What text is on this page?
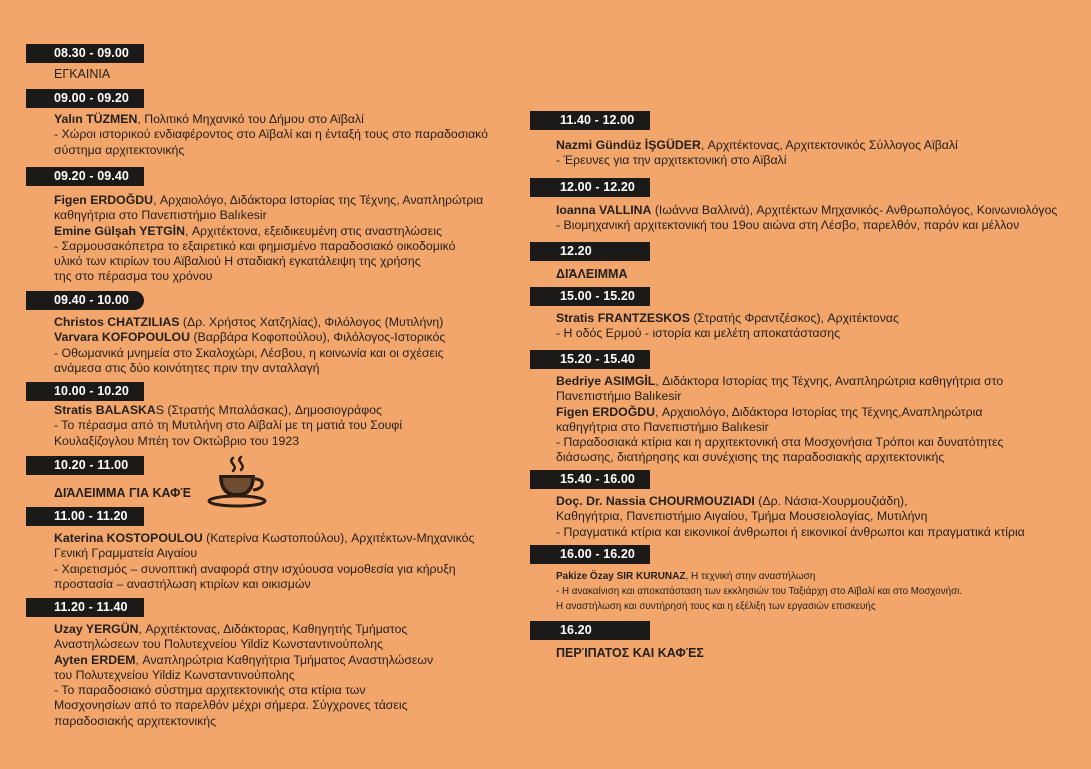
08.30 - 09.00
ΕΓΚΑΙΝΙΑ
09.00 - 09.20
Yalın TÜZMEN, Πολιτικό Μηχανικό του Δήμου στο Αϊβαλί
- Χώροι ιστορικού ενδιαφέροντος στο Αϊβαλί και η ένταξή τους στο παραδοσιακό
σύστημα αρχιτεκτονικής
09.20 - 09.40
Figen ERDOĞDU, Αρχαιολόγο, Διδάκτορα Ιστορίας της Τέχνης, Αναπληρώτρια
καθηγήτρια στο Πανεπιστήμιο Balıkesir
Emine Gülşah YETGİN, Αρχιτέκτονα, εξειδικευμένη στις αναστηλώσεις
- Σαρμουσακόπετρα το εξαιρετικό και φημισμένο παραδοσιακό οικοδομικό
υλικό των κτιρίων του Αϊβαλιού Η σταδιακή εγκατάλειψη της χρήσης
της στο πέρασμα του χρόνου
09.40 - 10.00
Christos CHATZILIAS (Δρ. Χρήστος Χατζηλίας), Φιλόλογος (Μυτιλήνη)
Varvara KOFOPOULOU (Βαρβάρα Κοφοπούλου), Φιλόλογος-Ιστορικός
- Οθωμανικά μνημεία στο Σκαλοχώρι, Λέσβου, η κοινωνία και οι σχέσεις
ανάμεσα στις δύο κοινότητες πριν την ανταλλαγή
10.00 - 10.20
Stratis BALASKAS (Στρατής Μπαλάσκας), Δημοσιογράφος
- Το πέρασμα από τη Μυτιλήνη στο Αϊβαλί με τη ματιά του Σουφί
Κουλαξίζογλου Μπέη τον Οκτώβριο του 1923
10.20 - 11.00
ΔΙΆΛΕΙΜΜΑ ΓΙΑ ΚΑΦΈ
11.00 - 11.20
Katerina KOSTOPOULOU (Κατερίνα Κωστοπούλου), Αρχιτέκτων-Μηχανικός
Γενική Γραμματεία Αιγαίου
- Χαιρετισμός – συνοπτική αναφορά στην ισχύουσα νομοθεσία για κήρυξη
προστασία – αναστήλωση κτιρίων και οικισμών
11.20 - 11.40
Uzay YERGÜN, Αρχιτέκτονας, Διδάκτορας, Καθηγητής Τμήματος
Αναστηλώσεων του Πολυτεχνείου Yildiz Κωνσταντινούπολης
Ayten ERDEM, Αναπληρώτρια Καθηγήτρια Τμήματος Αναστηλώσεων
του Πολυτεχνείου Yildiz Κωνσταντινούπολης
- Το παραδοσιακό σύστημα αρχιτεκτονικής στα κτίρια των
Μοσχονησίων από το παρελθόν μέχρι σήμερα. Σύγχρονες τάσεις
παραδοσιακής αρχιτεκτονικής
11.40 - 12.00
Nazmi Gündüz İŞGÜDER, Αρχιτέκτονας, Αρχιτεκτονικός Σύλλογος Αϊβαλί
- Έρευνες για την αρχιτεκτονική στο Αϊβαλί
12.00 - 12.20
Ioanna VALLINA (Ιωάννα Βαλλινά), Αρχιτέκτων Μηχανικός- Ανθρωπολόγος, Κοινωνιολόγος
- Βιομηχανική αρχιτεκτονική του 19ου αιώνα στη Λέσβο, παρελθόν, παρόν και μέλλον
12.20
ΔΙΆΛΕΙΜΜΑ
15.00 - 15.20
Stratis FRANTZESKOS (Στρατής Φραντζέσκος), Αρχιτέκτονας
- Η οδός Ερμού - ιστορία και μελέτη αποκατάστασης
15.20 - 15.40
Bedriye ASIMGİL, Διδάκτορα Ιστορίας της Τέχνης, Αναπληρώτρια καθηγήτρια στο
Πανεπιστήμιο Balıkesir
Figen ERDOĞDU, Αρχαιολόγο, Διδάκτορα Ιστορίας της Τέχνης,Αναπληρώτρια
καθηγήτρια στο Πανεπιστήμιο Balıkesir
- Παραδοσιακά κτίρια και η αρχιτεκτονική στα Μοσχονήσια Τρόποι και δυνατότητες
διάσωσης, διατήρησης και συνέχισης της παραδοσιακής αρχιτεκτονικής
15.40 - 16.00
Doç. Dr. Nassia CHOURMOUZIADI (Δρ. Νάσια-Χουρμουζιάδη),
Καθηγήτρια, Πανεπιστήμιο Αιγαίου, Τμήμα Μουσειολογίας, Μυτιλήνη
- Πραγματικά κτίρια και εικονικοί άνθρωποι ή εικονικοί άνθρωποι και πραγματικά κτίρια
16.00 - 16.20
Pakize Özay SIR KURUNAZ, Η τεχνική στην αναστήλωση
- Η ανακαίνιση και αποκατάσταση των εκκλησιών του Ταξιάρχη στο Αϊβαλί και στο Μοσχονήσι.
Η αναστήλωση και συντήρησή τους και η εξέλιξη των εργασιών επισκευής
16.20
ΠΕΡΊΠΑΤΟΣ ΚΑΙ ΚΑΦΈΣ
